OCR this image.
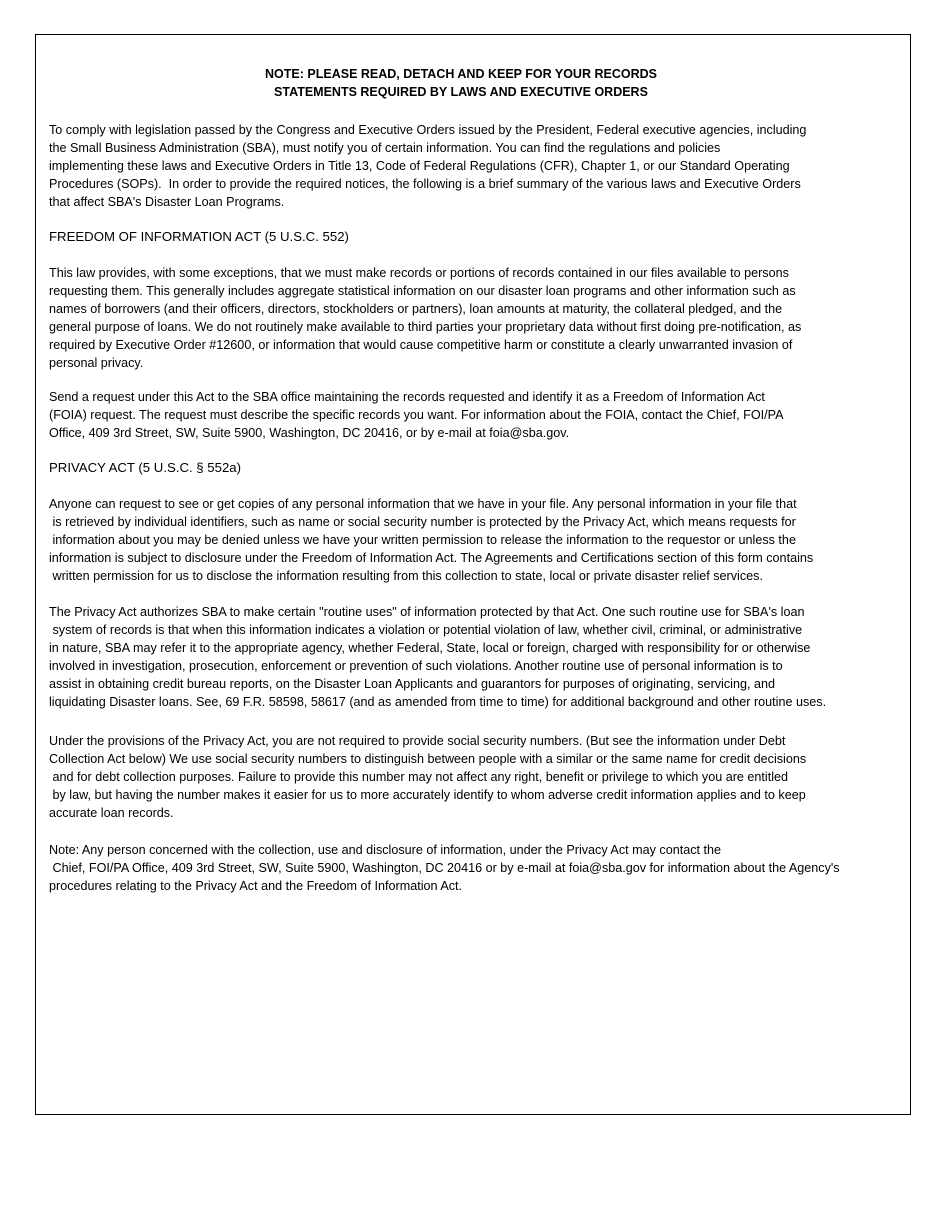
NOTE: PLEASE READ, DETACH AND KEEP FOR YOUR RECORDS
STATEMENTS REQUIRED BY LAWS AND EXECUTIVE ORDERS
To comply with legislation passed by the Congress and Executive Orders issued by the President, Federal executive agencies, including
the Small Business Administration (SBA), must notify you of certain information. You can find the regulations and policies
implementing these laws and Executive Orders in Title 13, Code of Federal Regulations (CFR), Chapter 1, or our Standard Operating
Procedures (SOPs).  In order to provide the required notices, the following is a brief summary of the various laws and Executive Orders
that affect SBA's Disaster Loan Programs.
FREEDOM OF INFORMATION ACT (5 U.S.C. 552)
This law provides, with some exceptions, that we must make records or portions of records contained in our files available to persons
requesting them. This generally includes aggregate statistical information on our disaster loan programs and other information such as
names of borrowers (and their officers, directors, stockholders or partners), loan amounts at maturity, the collateral pledged, and the
general purpose of loans. We do not routinely make available to third parties your proprietary data without first doing pre-notification, as
required by Executive Order #12600, or information that would cause competitive harm or constitute a clearly unwarranted invasion of
personal privacy.
Send a request under this Act to the SBA office maintaining the records requested and identify it as a Freedom of Information Act
(FOIA) request. The request must describe the specific records you want. For information about the FOIA, contact the Chief, FOI/PA
Office, 409 3rd Street, SW, Suite 5900, Washington, DC 20416, or by e-mail at foia@sba.gov.
PRIVACY ACT (5 U.S.C. § 552a)
Anyone can request to see or get copies of any personal information that we have in your file. Any personal information in your file that
is retrieved by individual identifiers, such as name or social security number is protected by the Privacy Act, which means requests for
information about you may be denied unless we have your written permission to release the information to the requestor or unless the
information is subject to disclosure under the Freedom of Information Act. The Agreements and Certifications section of this form contains
written permission for us to disclose the information resulting from this collection to state, local or private disaster relief services.
The Privacy Act authorizes SBA to make certain "routine uses" of information protected by that Act. One such routine use for SBA's loan
system of records is that when this information indicates a violation or potential violation of law, whether civil, criminal, or administrative
in nature, SBA may refer it to the appropriate agency, whether Federal, State, local or foreign, charged with responsibility for or otherwise
involved in investigation, prosecution, enforcement or prevention of such violations. Another routine use of personal information is to
assist in obtaining credit bureau reports, on the Disaster Loan Applicants and guarantors for purposes of originating, servicing, and
liquidating Disaster loans. See, 69 F.R. 58598, 58617 (and as amended from time to time) for additional background and other routine uses.
Under the provisions of the Privacy Act, you are not required to provide social security numbers. (But see the information under Debt
Collection Act below) We use social security numbers to distinguish between people with a similar or the same name for credit decisions
and for debt collection purposes. Failure to provide this number may not affect any right, benefit or privilege to which you are entitled
by law, but having the number makes it easier for us to more accurately identify to whom adverse credit information applies and to keep
accurate loan records.
Note: Any person concerned with the collection, use and disclosure of information, under the Privacy Act may contact the
Chief, FOI/PA Office, 409 3rd Street, SW, Suite 5900, Washington, DC 20416 or by e-mail at foia@sba.gov for information about the Agency's
procedures relating to the Privacy Act and the Freedom of Information Act.
